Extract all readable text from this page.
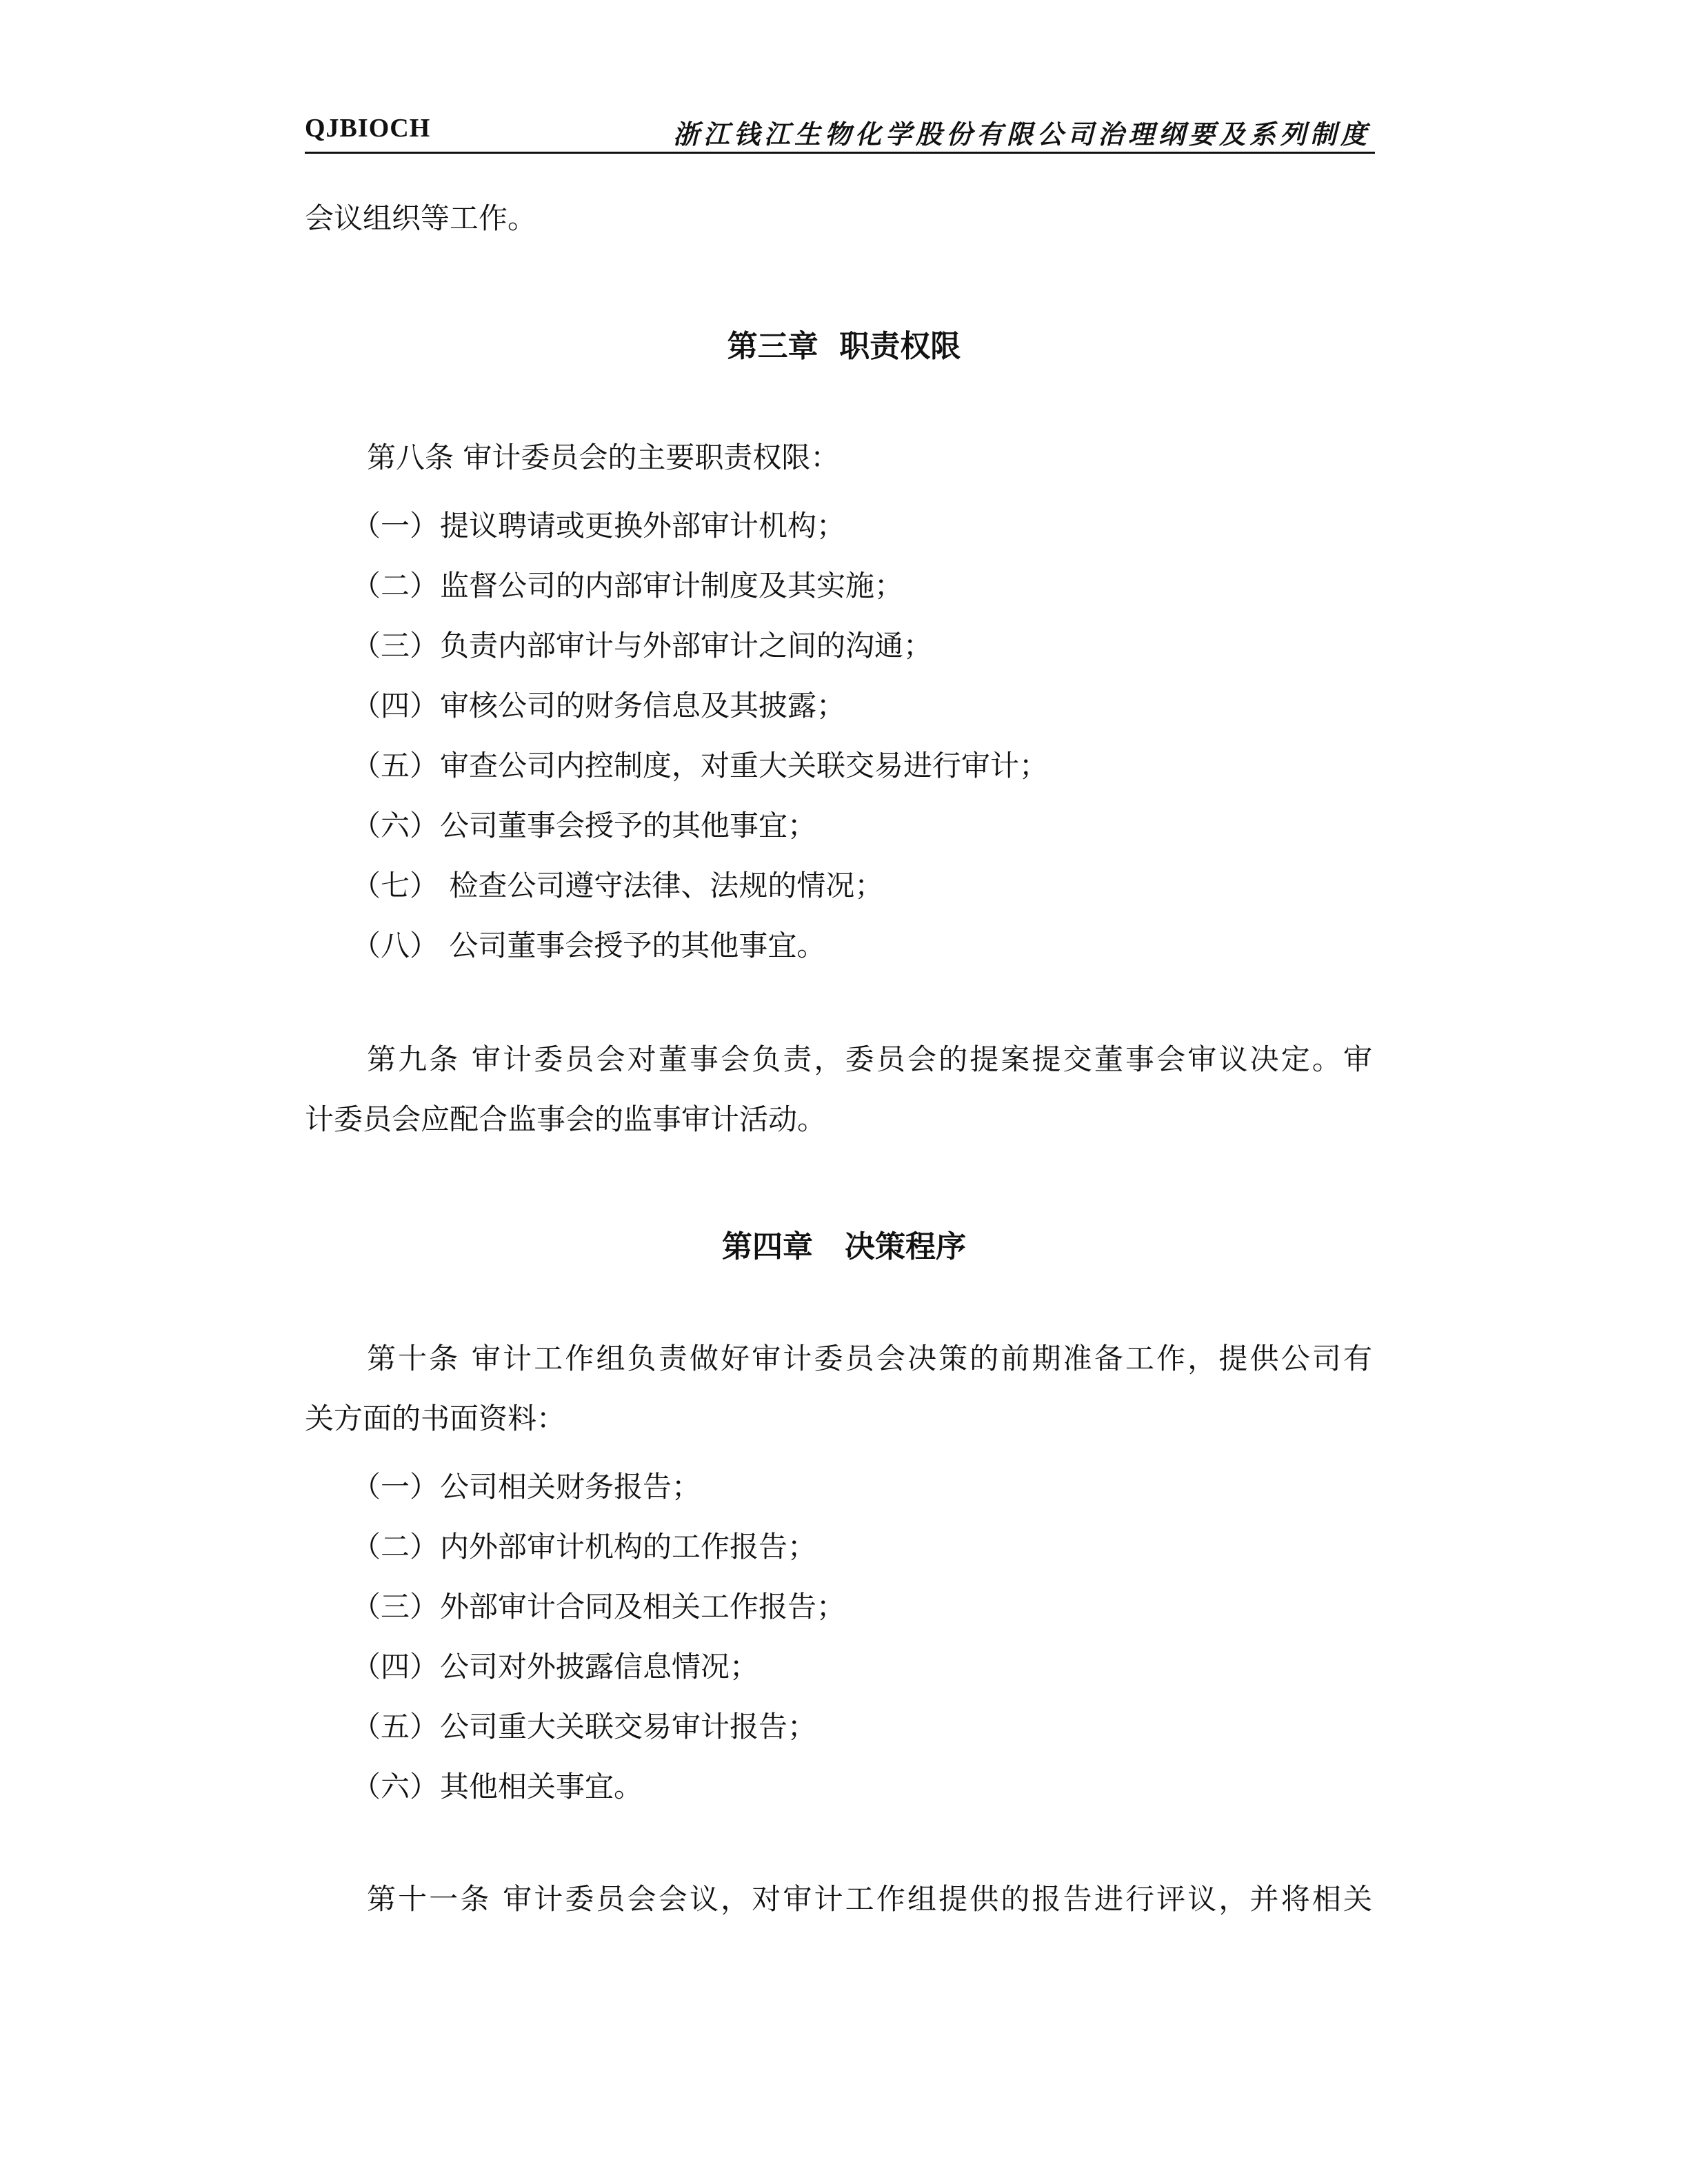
QJBIOCH	浙江钱江生物化学股份有限公司治理纲要及系列制度
会议组织等工作。
第三章  职责权限
第八条 审计委员会的主要职责权限：
（一）提议聘请或更换外部审计机构；
（二）监督公司的内部审计制度及其实施；
（三）负责内部审计与外部审计之间的沟通；
（四）审核公司的财务信息及其披露；
（五）审查公司内控制度，对重大关联交易进行审计；
（六）公司董事会授予的其他事宜；
（七） 检查公司遵守法律、法规的情况；
（八） 公司董事会授予的其他事宜。
第九条 审计委员会对董事会负责，委员会的提案提交董事会审议决定。审
计委员会应配合监事会的监事审计活动。
第四章   决策程序
第十条 审计工作组负责做好审计委员会决策的前期准备工作，提供公司有
关方面的书面资料：
（一）公司相关财务报告；
（二）内外部审计机构的工作报告；
（三）外部审计合同及相关工作报告；
（四）公司对外披露信息情况；
（五）公司重大关联交易审计报告；
（六）其他相关事宜。
第十一条 审计委员会会议，对审计工作组提供的报告进行评议，并将相关
